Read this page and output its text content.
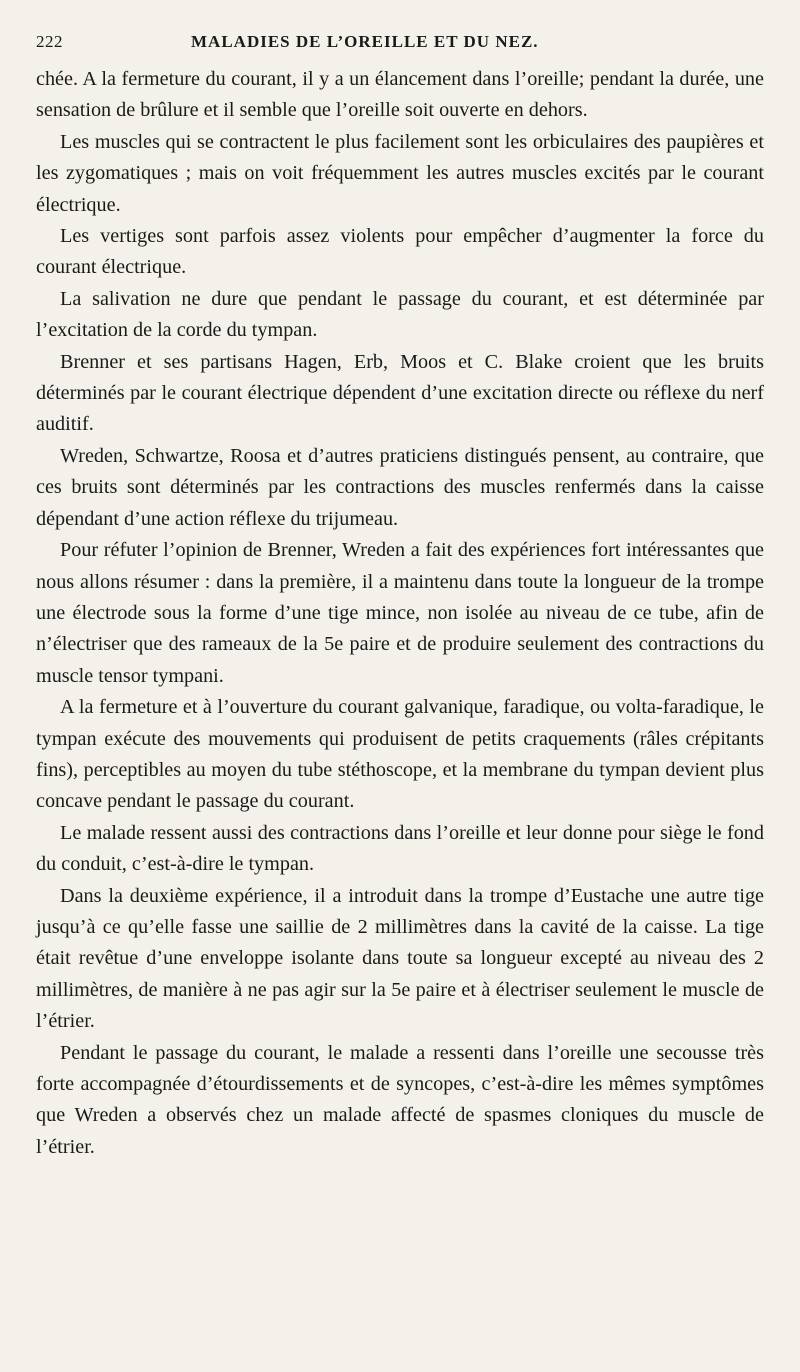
222	MALADIES DE L’OREILLE ET DU NEZ.

chée. A la fermeture du courant, il y a un élancement dans l’oreille; pendant la durée, une sensation de brûlure et il semble que l’oreille soit ouverte en dehors.

Les muscles qui se contractent le plus facilement sont les orbiculaires des paupières et les zygomatiques ; mais on voit fréquemment les autres muscles excités par le courant électrique.

Les vertiges sont parfois assez violents pour empêcher d’augmenter la force du courant électrique.

La salivation ne dure que pendant le passage du courant, et est déterminée par l’excitation de la corde du tympan.

Brenner et ses partisans Hagen, Erb, Moos et C. Blake croient que les bruits déterminés par le courant électrique dépendent d’une excitation directe ou réflexe du nerf auditif.

Wreden, Schwartze, Roosa et d’autres praticiens distingués pensent, au contraire, que ces bruits sont déterminés par les contractions des muscles renfermés dans la caisse dépendant d’une action réflexe du trijumeau.

Pour réfuter l’opinion de Brenner, Wreden a fait des expériences fort intéressantes que nous allons résumer : dans la première, il a maintenu dans toute la longueur de la trompe une électrode sous la forme d’une tige mince, non isolée au niveau de ce tube, afin de n’électriser que des rameaux de la 5e paire et de produire seulement des contractions du muscle tensor tympani.

A la fermeture et à l’ouverture du courant galvanique, faradique, ou volta-faradique, le tympan exécute des mouvements qui produisent de petits craquements (râles crépitants fins), perceptibles au moyen du tube stéthoscope, et la membrane du tympan devient plus concave pendant le passage du courant.

Le malade ressent aussi des contractions dans l’oreille et leur donne pour siège le fond du conduit, c’est-à-dire le tympan.

Dans la deuxième expérience, il a introduit dans la trompe d’Eustache une autre tige jusqu’à ce qu’elle fasse une saillie de 2 millimètres dans la cavité de la caisse. La tige était revêtue d’une enveloppe isolante dans toute sa longueur excepté au niveau des 2 millimètres, de manière à ne pas agir sur la 5e paire et à électriser seulement le muscle de l’étrier.

Pendant le passage du courant, le malade a ressenti dans l’oreille une secousse très forte accompagnée d’étourdissements et de syncopes, c’est-à-dire les mêmes symptômes que Wreden a observés chez un malade affecté de spasmes cloniques du muscle de l’étrier.
